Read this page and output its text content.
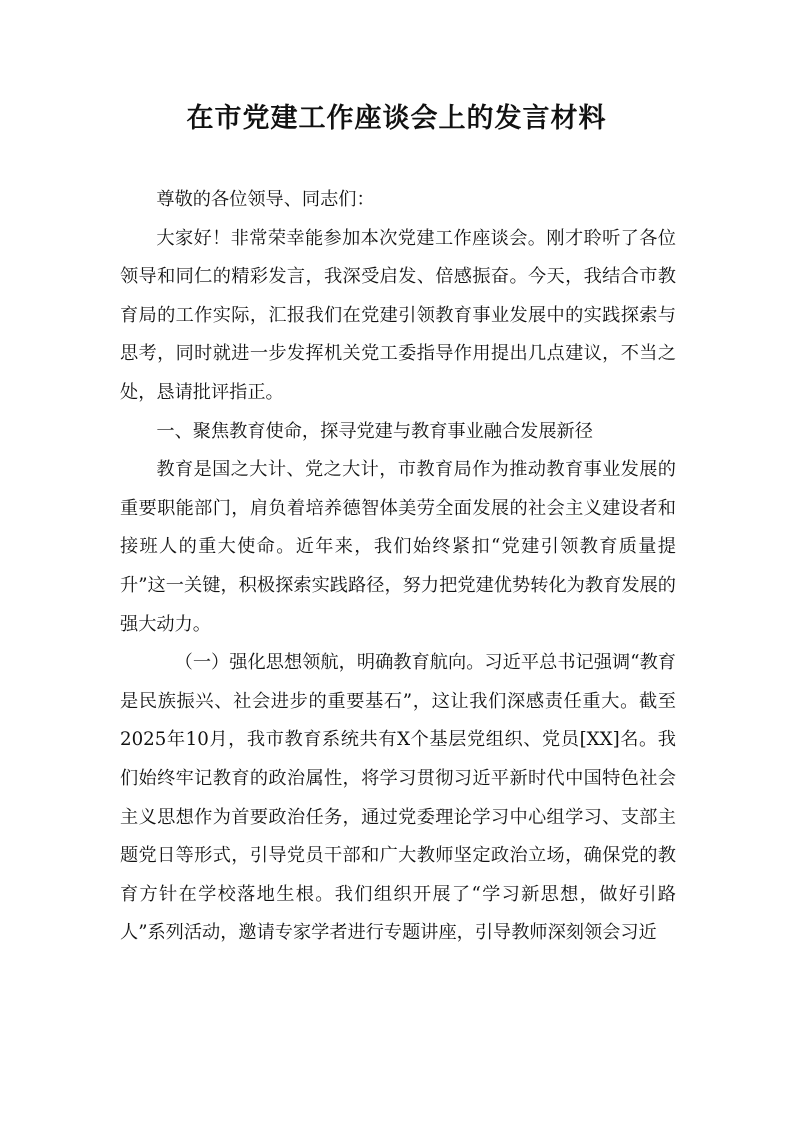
在市党建工作座谈会上的发言材料

尊敬的各位领导、同志们：

大家好！非常荣幸能参加本次党建工作座谈会。刚才聆听了各位领导和同仁的精彩发言，我深受启发、倍感振奋。今天，我结合市教育局的工作实际，汇报我们在党建引领教育事业发展中的实践探索与思考，同时就进一步发挥机关党工委指导作用提出几点建议，不当之处，恳请批评指正。

一、聚焦教育使命，探寻党建与教育事业融合发展新径

教育是国之大计、党之大计，市教育局作为推动教育事业发展的重要职能部门，肩负着培养德智体美劳全面发展的社会主义建设者和接班人的重大使命。近年来，我们始终紧扣“党建引领教育质量提升”这一关键，积极探索实践路径，努力把党建优势转化为教育发展的强大动力。

（一）强化思想领航，明确教育航向。习近平总书记强调“教育是民族振兴、社会进步的重要基石”，这让我们深感责任重大。截至2025年10月，我市教育系统共有X个基层党组织、党员[XX]名。我们始终牢记教育的政治属性，将学习贯彻习近平新时代中国特色社会主义思想作为首要政治任务，通过党委理论学习中心组学习、支部主题党日等形式，引导党员干部和广大教师坚定政治立场，确保党的教育方针在学校落地生根。我们组织开展了“学习新思想，做好引路人”系列活动，邀请专家学者进行专题讲座，引导教师深刻领会习近
